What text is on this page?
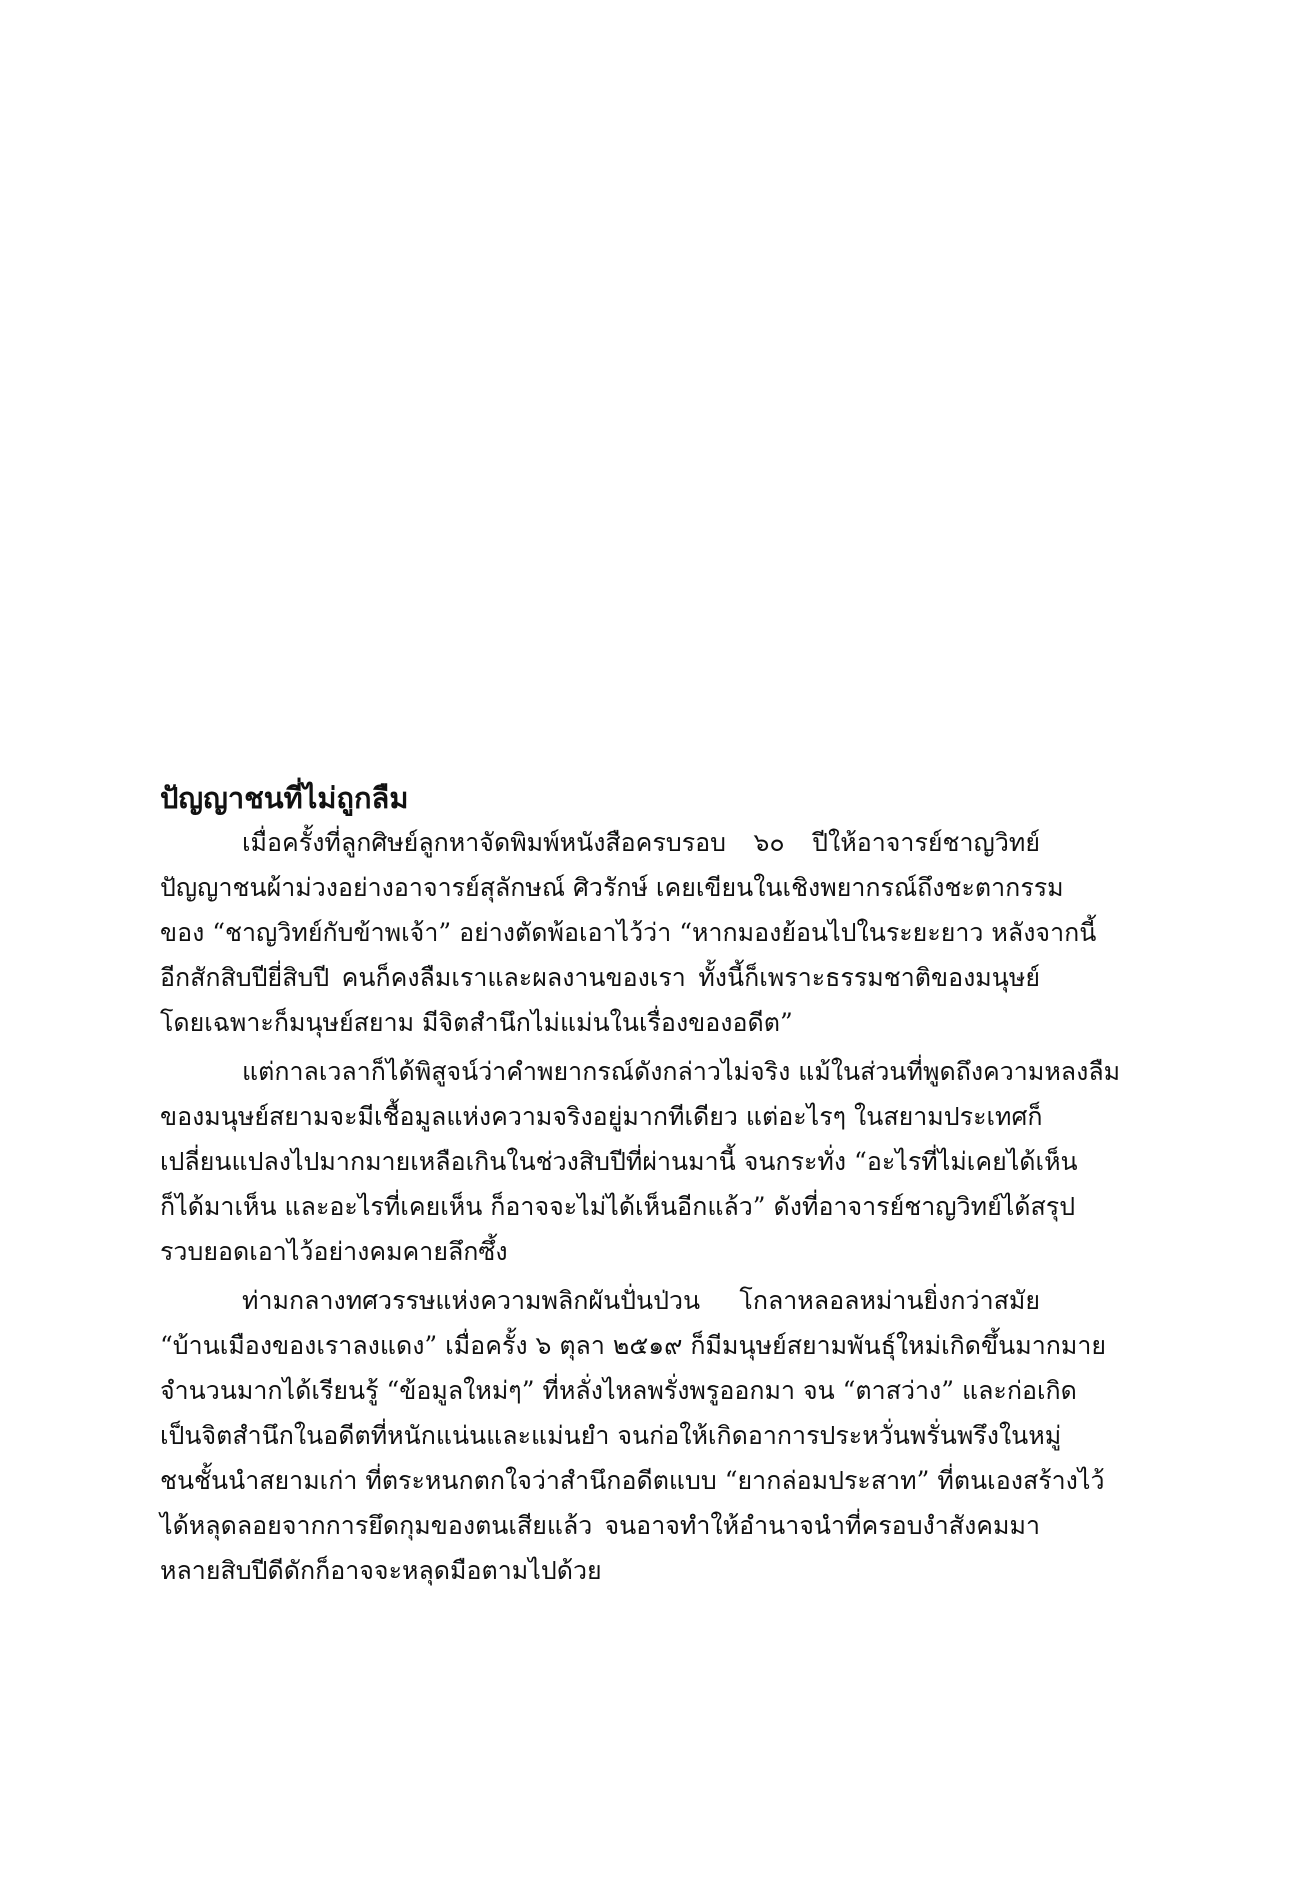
ปัญญาชนที่ไม่ถูกลืม
เมื่อครั้งที่ลูกศิษย์ลูกหาจัดพิมพ์หนังสือครบรอบ ๖๐ ปีให้อาจารย์ชาญวิทย์
ปัญญาชนผ้าม่วงอย่างอาจารย์สุลักษณ์ ศิวรักษ์ เคยเขียนในเชิงพยากรณ์ถึงชะตากรรม
ของ “ชาญวิทย์กับข้าพเจ้า” อย่างตัดพ้อเอาไว้ว่า “หากมองย้อนไปในระยะยาว หลังจากนี้
อีกสักสิบปียี่สิบปี คนก็คงลืมเราและผลงานของเรา ทั้งนี้ก็เพราะธรรมชาติของมนุษย์
โดยเฉพาะก็มนุษย์สยาม มีจิตสำนึกไม่แม่นในเรื่องของอดีต”
แต่กาลเวลาก็ได้พิสูจน์ว่าคำพยากรณ์ดังกล่าวไม่จริง แม้ในส่วนที่พูดถึงความหลงลืม
ของมนุษย์สยามจะมีเชื้อมูลแห่งความจริงอยู่มากทีเดียว แต่อะไรๆ ในสยามประเทศก็
เปลี่ยนแปลงไปมากมายเหลือเกินในช่วงสิบปีที่ผ่านมานี้ จนกระทั่ง “อะไรที่ไม่เคยได้เห็น
ก็ได้มาเห็น และอะไรที่เคยเห็น ก็อาจจะไม่ได้เห็นอีกแล้ว” ดังที่อาจารย์ชาญวิทย์ได้สรุป
รวบยอดเอาไว้อย่างคมคายลึกซึ้ง
ท่ามกลางทศวรรษแห่งความพลิกผันปั่นป่วน โกลาหลอลหม่านยิ่งกว่าสมัย
“บ้านเมืองของเราลงแดง” เมื่อครั้ง ๖ ตุลา ๒๕๑๙ ก็มีมนุษย์สยามพันธุ์ใหม่เกิดขึ้นมากมาย
จำนวนมากได้เรียนรู้ “ข้อมูลใหม่ๆ” ที่หลั่งไหลพรั่งพรูออกมา จน “ตาสว่าง” และก่อเกิด
เป็นจิตสำนึกในอดีตที่หนักแน่นและแม่นยำ จนก่อให้เกิดอาการประหวั่นพรั่นพรึงในหมู่
ชนชั้นนำสยามเก่า ที่ตระหนกตกใจว่าสำนึกอดีตแบบ “ยากล่อมประสาท” ที่ตนเองสร้างไว้
ได้หลุดลอยจากการยึดกุมของตนเสียแล้ว จนอาจทำให้อำนาจนำที่ครอบงำสังคมมา
หลายสิบปีดีดักก็อาจจะหลุดมือตามไปด้วย
